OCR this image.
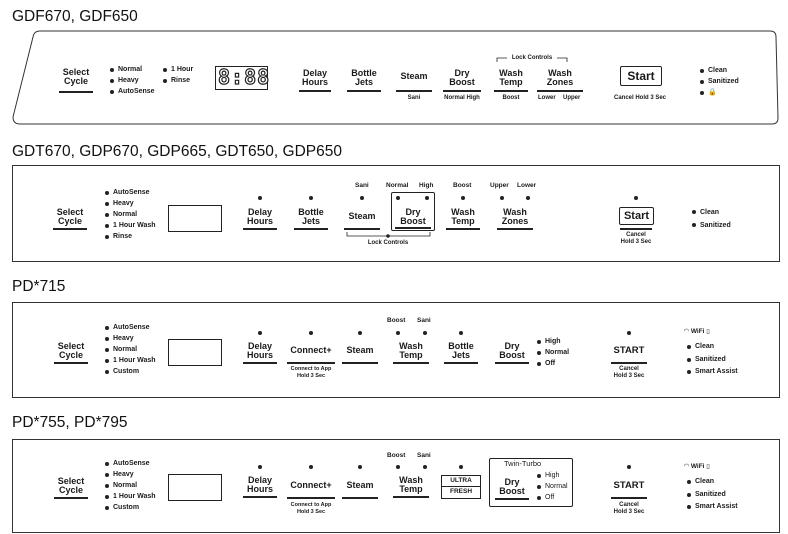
GDF670, GDF650
Select
Cycle
Normal
Heavy
AutoSense
1 Hour
Rinse 8:88	Delay
Hours
Bottle
Jets
Steam
Sani
Dry
Boost
Normal High
Lock Controls
Wash
Temp
Boost
Wash
Zones
Lower Upper
Start
Cancel Hold 3 Sec
Clean
Sanitized
🔒
GDT670, GDP670, GDP665, GDT650, GDP650
Select
Cycle
AutoSense
Heavy
Normal
1 Hour Wash
Rinse
Delay
Hours
Bottle
Jets
Sani
Steam
Normal High
Dry
Boost
Lock Controls
Boost
Wash
Temp
Upper Lower
Wash
Zones	Start
Cancel
Hold 3 Sec
Clean
Sanitized
PD*715
Select
Cycle
AutoSense
Heavy
Normal
1 Hour Wash
Custom
Delay
Hours	Connect+
Connect to App
Hold 3 Sec
Steam
Boost Sani
Wash
Temp
Bottle
Jets
Dry
Boost
High
Normal
Off
START
Cancel
Hold 3 Sec
◠ WiFi ▯
Clean
Sanitized
Smart Assist
PD*755, PD*795
Select
Cycle
AutoSense
Heavy
Normal
1 Hour Wash
Custom
Delay
Hours	Connect+
Connect to App
Hold 3 Sec
Steam
Boost Sani
Wash
Temp
ULTRA
FRESH
Twin-Turbo
Dry
Boost
High
Normal
Off
START
Cancel
Hold 3 Sec
◠ WiFi ▯
Clean
Sanitized
Smart Assist
